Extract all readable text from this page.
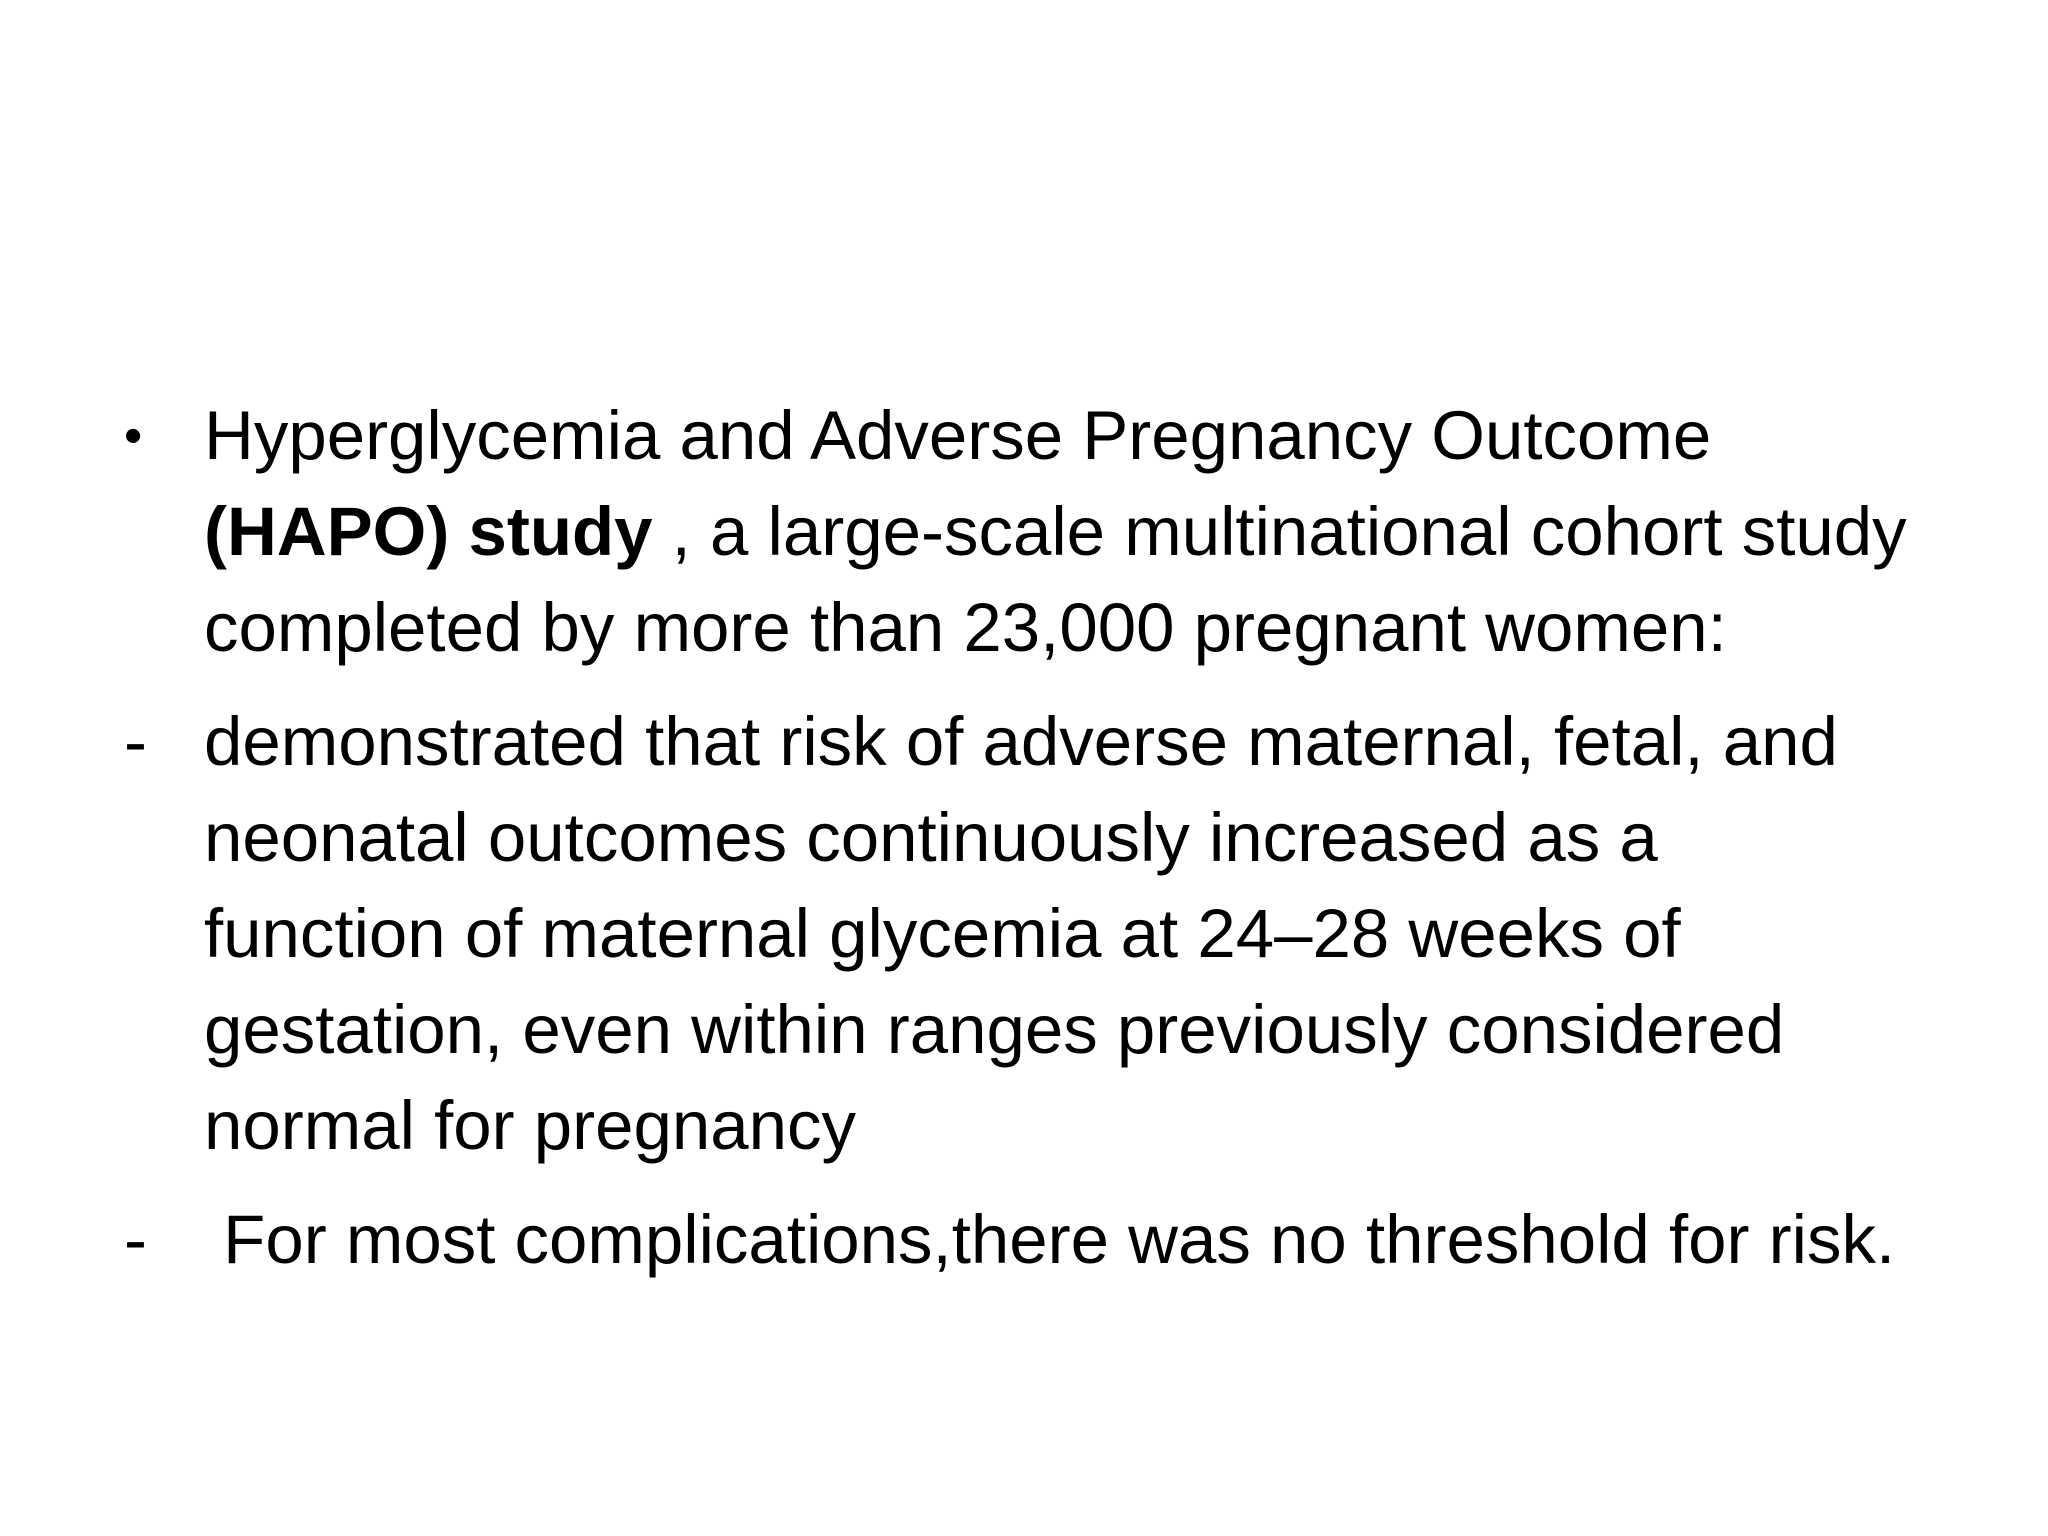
• Hyperglycemia and Adverse Pregnancy Outcome (HAPO) study , a large-scale multinational cohort study completed by more than 23,000 pregnant women:
- demonstrated that risk of adverse maternal, fetal, and neonatal outcomes continuously increased as a function of maternal glycemia at 24–28 weeks of gestation, even within ranges previously considered normal for pregnancy
- For most complications,there was no threshold for risk.
